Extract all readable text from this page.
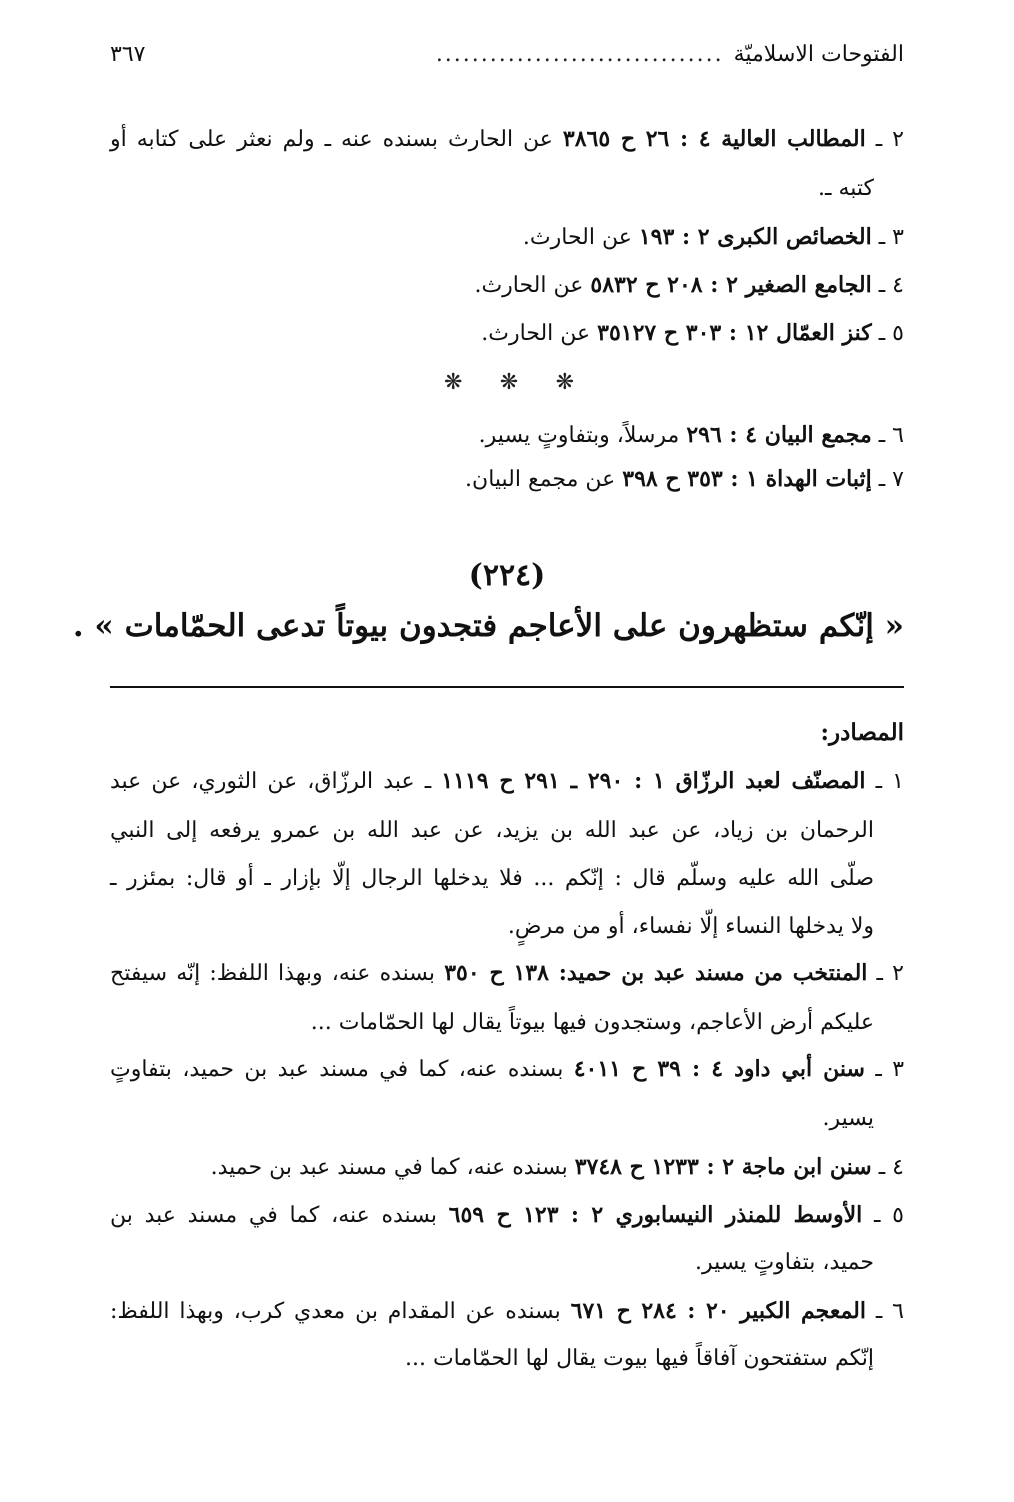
الفتوحات الاسلاميّة
................................
٣٦٧
٢ ـ المطالب العالية ٤ : ٢٦ ح ٣٨٦٥ عن الحارث بسنده عنه ـ ولم نعثر على كتابه أو
كتبه ـ.
٣ ـ الخصائص الكبرى ٢ : ١٩٣ عن الحارث.
٤ ـ الجامع الصغير ٢ : ٢٠٨ ح ٥٨٣٢ عن الحارث.
٥ ـ كنز العمّال ١٢ : ٣٠٣ ح ٣٥١٢٧ عن الحارث.
❋
❋
❋
٦ ـ مجمع البيان ٤ : ٢٩٦ مرسلاً، وبتفاوتٍ يسير.
٧ ـ إثبات الهداة ١ : ٣٥٣ ح ٣٩٨ عن مجمع البيان.
(٢٢٤)
« إنّكم ستظهرون على الأعاجم فتجدون بيوتاً تدعى الحمّامات » .
المصادر:
١ ـ المصنّف لعبد الرزّاق ١ : ٢٩٠ ـ ٢٩١ ح ١١١٩ ـ عبد الرزّاق، عن الثوري، عن عبد
الرحمان بن زياد، عن عبد الله بن يزيد، عن عبد الله بن عمرو يرفعه إلى النبي
صلّى الله عليه وسلّم قال : إنّكم ... فلا يدخلها الرجال إلّا بإزار ـ أو قال: بمئزر ـ
ولا يدخلها النساء إلّا نفساء، أو من مرضٍ.
٢ ـ المنتخب من مسند عبد بن حميد: ١٣٨ ح ٣٥٠ بسنده عنه، وبهذا اللفظ: إنّه سيفتح
عليكم أرض الأعاجم، وستجدون فيها بيوتاً يقال لها الحمّامات ...
٣ ـ سنن أبي داود ٤ : ٣٩ ح ٤٠١١ بسنده عنه، كما في مسند عبد بن حميد، بتفاوتٍ
يسير.
٤ ـ سنن ابن ماجة ٢ : ١٢٣٣ ح ٣٧٤٨ بسنده عنه، كما في مسند عبد بن حميد.
٥ ـ الأوسط للمنذر النيسابوري ٢ : ١٢٣ ح ٦٥٩ بسنده عنه، كما في مسند عبد بن
حميد، بتفاوتٍ يسير.
٦ ـ المعجم الكبير ٢٠ : ٢٨٤ ح ٦٧١ بسنده عن المقدام بن معدي كرب، وبهذا اللفظ:
إنّكم ستفتحون آفاقاً فيها بيوت يقال لها الحمّامات ...
